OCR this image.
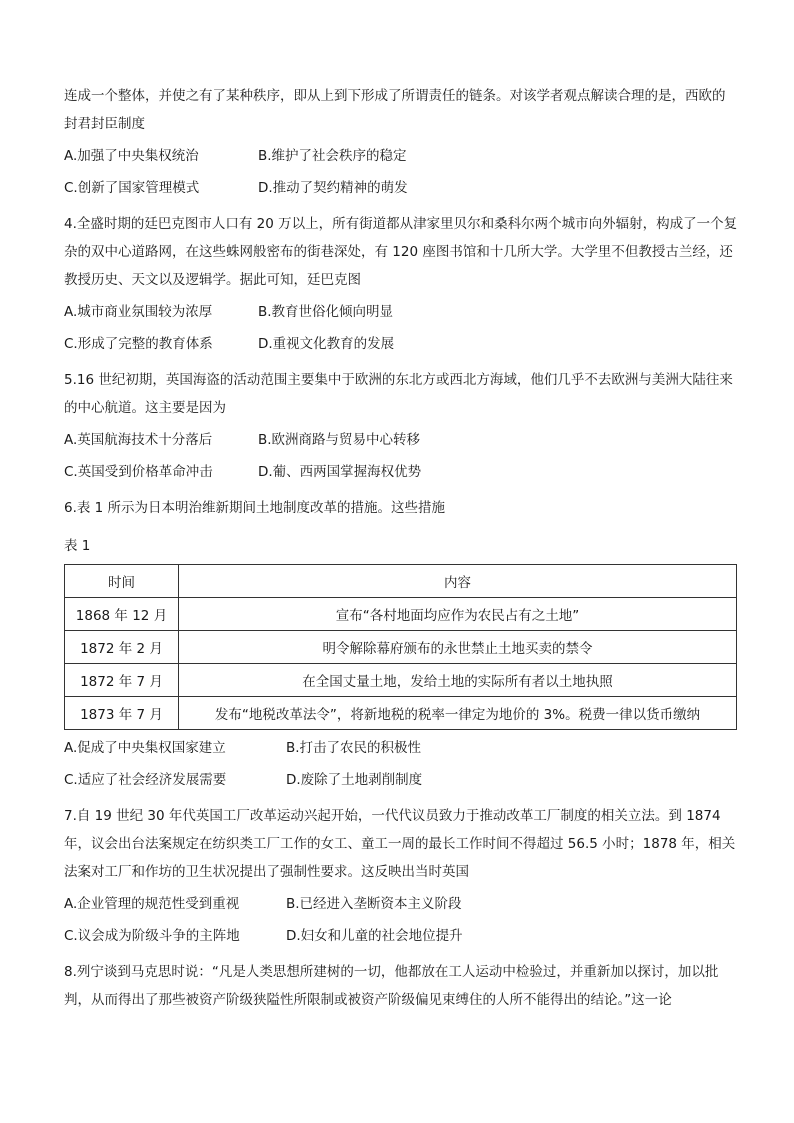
连成一个整体，并使之有了某种秩序，即从上到下形成了所谓责任的链条。对该学者观点解读合理的是，西欧的封君封臣制度

A.加强了中央集权统治	B.维护了社会秩序的稳定
C.创新了国家管理模式	D.推动了契约精神的萌发

4.全盛时期的廷巴克图市人口有 20 万以上，所有街道都从津家里贝尔和桑科尔两个城市向外辐射，构成了一个复杂的双中心道路网，在这些蛛网般密布的街巷深处，有 120 座图书馆和十几所大学。大学里不但教授古兰经，还教授历史、天文以及逻辑学。据此可知，廷巴克图

A.城市商业氛围较为浓厚	B.教育世俗化倾向明显
C.形成了完整的教育体系	D.重视文化教育的发展

5.16 世纪初期，英国海盗的活动范围主要集中于欧洲的东北方或西北方海域，他们几乎不去欧洲与美洲大陆往来的中心航道。这主要是因为

A.英国航海技术十分落后	B.欧洲商路与贸易中心转移
C.英国受到价格革命冲击	D.葡、西两国掌握海权优势

6.表 1 所示为日本明治维新期间土地制度改革的措施。这些措施

表 1
时间	内容
1868 年 12 月	宣布“各村地面均应作为农民占有之土地”
1872 年 2 月	明令解除幕府颁布的永世禁止土地买卖的禁令
1872 年 7 月	在全国丈量土地，发给土地的实际所有者以土地执照
1873 年 7 月	发布“地税改革法令”，将新地税的税率一律定为地价的 3%。税费一律以货币缴纳
A.促成了中央集权国家建立	B.打击了农民的积极性
C.适应了社会经济发展需要	D.废除了土地剥削制度

7.自 19 世纪 30 年代英国工厂改革运动兴起开始，一代代议员致力于推动改革工厂制度的相关立法。到 1874 年，议会出台法案规定在纺织类工厂工作的女工、童工一周的最长工作时间不得超过 56.5 小时；1878 年，相关法案对工厂和作坊的卫生状况提出了强制性要求。这反映出当时英国

A.企业管理的规范性受到重视	B.已经进入垄断资本主义阶段
C.议会成为阶级斗争的主阵地	D.妇女和儿童的社会地位提升

8.列宁谈到马克思时说：“凡是人类思想所建树的一切，他都放在工人运动中检验过，并重新加以探讨，加以批判，从而得出了那些被资产阶级狭隘性所限制或被资产阶级偏见束缚住的人所不能得出的结论。”这一论
